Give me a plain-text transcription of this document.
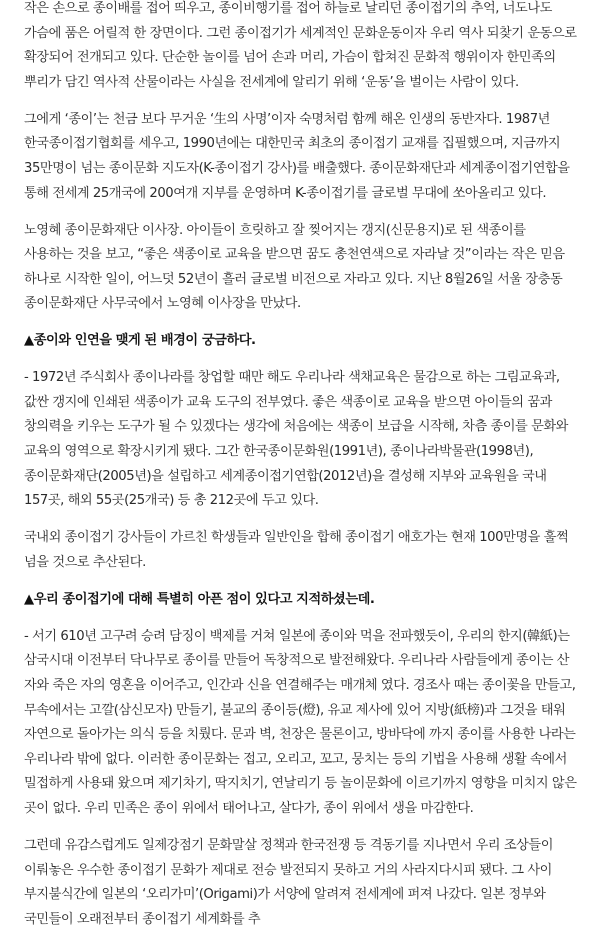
작은 손으로 종이배를 접어 띄우고, 종이비행기를 접어 하늘로 날리던 종이접기의 추억, 너도나도 가슴에 품은 어릴적 한 장면이다. 그런 종이접기가 세계적인 문화운동이자 우리 역사 되찾기 운동으로 확장되어 전개되고 있다. 단순한 놀이를 넘어 손과 머리, 가슴이 합쳐진 문화적 행위이자 한민족의 뿌리가 담긴 역사적 산물이라는 사실을 전세계에 알리기 위해 ‘운동’을 벌이는 사람이 있다.

그에게 ‘종이’는 천금 보다 무거운 ‘生의 사명’이자 숙명처럼 함께 해온 인생의 동반자다. 1987년 한국종이접기협회를 세우고, 1990년에는 대한민국 최초의 종이접기 교재를 집필했으며, 지금까지 35만명이 넘는 종이문화 지도자(K-종이접기 강사)를 배출했다. 종이문화재단과 세계종이접기연합을 통해 전세계 25개국에 200여개 지부를 운영하며 K-종이접기를 글로벌 무대에 쏘아올리고 있다.

노영혜 종이문화재단 이사장. 아이들이 흐릿하고 잘 찢어지는 갱지(신문용지)로 된 색종이를 사용하는 것을 보고, “좋은 색종이로 교육을 받으면 꿈도 총천연색으로 자라날 것”이라는 작은 믿음 하나로 시작한 일이, 어느덧 52년이 흘러 글로벌 비전으로 자라고 있다. 지난 8월26일 서울 장충동 종이문화재단 사무국에서 노영혜 이사장을 만났다.

▲종이와 인연을 맺게 된 배경이 궁금하다.

- 1972년 주식회사 종이나라를 창업할 때만 해도 우리나라 색채교육은 물감으로 하는 그림교육과, 값싼 갱지에 인쇄된 색종이가 교육 도구의 전부였다. 좋은 색종이로 교육을 받으면 아이들의 꿈과 창의력을 키우는 도구가 될 수 있겠다는 생각에 처음에는 색종이 보급을 시작해, 차츰 종이를 문화와 교육의 영역으로 확장시키게 됐다. 그간 한국종이문화원(1991년), 종이나라박물관(1998년), 종이문화재단(2005년)을 설립하고 세계종이접기연합(2012년)을 결성해 지부와 교육원을 국내 157곳, 해외 55곳(25개국) 등 총 212곳에 두고 있다.

국내외 종이접기 강사들이 가르친 학생들과 일반인을 합해 종이접기 애호가는 현재 100만명을 훌쩍 넘을 것으로 추산된다.

▲우리 종이접기에 대해 특별히 아픈 점이 있다고 지적하셨는데.

- 서기 610년 고구려 승려 담징이 백제를 거쳐 일본에 종이와 먹을 전파했듯이, 우리의 한지(韓紙)는 삼국시대 이전부터 닥나무로 종이를 만들어 독창적으로 발전해왔다. 우리나라 사람들에게 종이는 산 자와 죽은 자의 영혼을 이어주고, 인간과 신을 연결해주는 매개체 였다. 경조사 때는 종이꽃을 만들고, 무속에서는 고깔(삼신모자) 만들기, 불교의 종이등(燈), 유교 제사에 있어 지방(紙榜)과 그것을 태워 자연으로 돌아가는 의식 등을 치뤘다. 문과 벽, 천장은 물론이고, 방바닥에 까지 종이를 사용한 나라는 우리나라 밖에 없다. 이러한 종이문화는 접고, 오리고, 꼬고, 뭉치는 등의 기법을 사용해 생활 속에서 밀접하게 사용돼 왔으며 제기차기, 딱지치기, 연날리기 등 놀이문화에 이르기까지 영향을 미치지 않은 곳이 없다. 우리 민족은 종이 위에서 태어나고, 살다가, 종이 위에서 생을 마감한다.

그런데 유감스럽게도 일제강점기 문화말살 정책과 한국전쟁 등 격동기를 지나면서 우리 조상들이 이뤄놓은 우수한 종이접기 문화가 제대로 전승 발전되지 못하고 거의 사라지다시피 됐다. 그 사이 부지불식간에 일본의 ‘오리가미’(Origami)가 서양에 알려져 전세계에 퍼져 나갔다. 일본 정부와 국민들이 오래전부터 종이접기 세계화를 추
